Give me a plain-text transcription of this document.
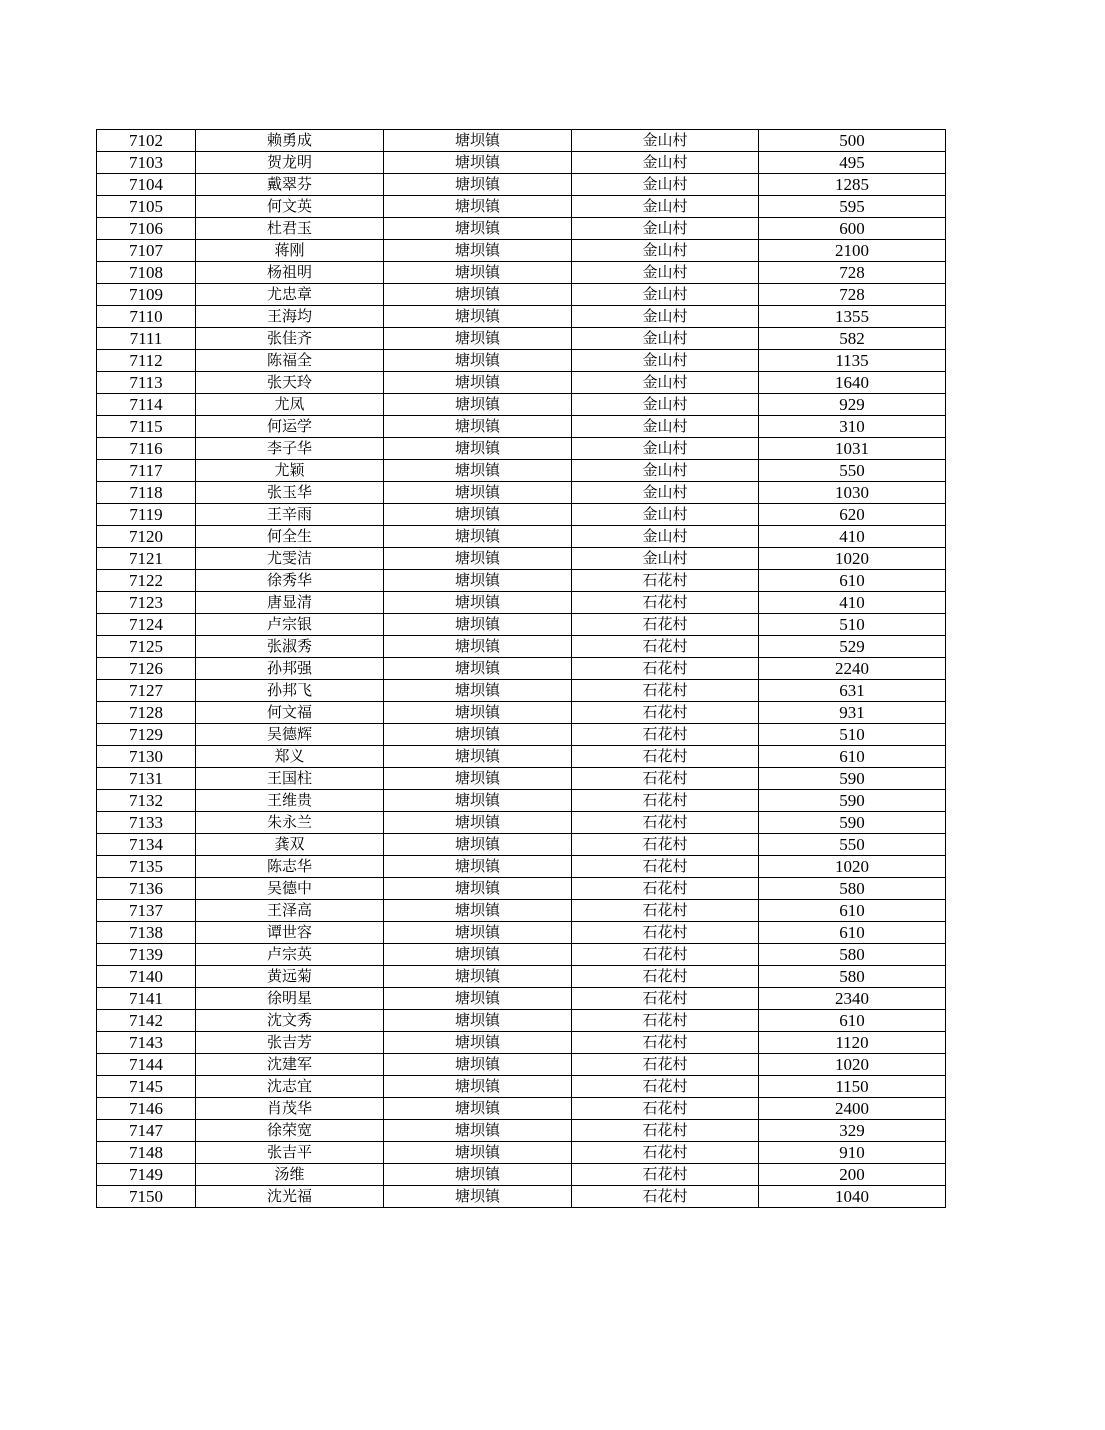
7102	赖勇成	塘坝镇	金山村	500
7103	贺龙明	塘坝镇	金山村	495
7104	戴翠芬	塘坝镇	金山村	1285
7105	何文英	塘坝镇	金山村	595
7106	杜君玉	塘坝镇	金山村	600
7107	蒋刚	塘坝镇	金山村	2100
7108	杨祖明	塘坝镇	金山村	728
7109	尤忠章	塘坝镇	金山村	728
7110	王海均	塘坝镇	金山村	1355
7111	张佳齐	塘坝镇	金山村	582
7112	陈福全	塘坝镇	金山村	1135
7113	张天玲	塘坝镇	金山村	1640
7114	尤凤	塘坝镇	金山村	929
7115	何运学	塘坝镇	金山村	310
7116	李子华	塘坝镇	金山村	1031
7117	尤颖	塘坝镇	金山村	550
7118	张玉华	塘坝镇	金山村	1030
7119	王辛雨	塘坝镇	金山村	620
7120	何全生	塘坝镇	金山村	410
7121	尤雯洁	塘坝镇	金山村	1020
7122	徐秀华	塘坝镇	石花村	610
7123	唐显清	塘坝镇	石花村	410
7124	卢宗银	塘坝镇	石花村	510
7125	张淑秀	塘坝镇	石花村	529
7126	孙邦强	塘坝镇	石花村	2240
7127	孙邦飞	塘坝镇	石花村	631
7128	何文福	塘坝镇	石花村	931
7129	吴德辉	塘坝镇	石花村	510
7130	郑义	塘坝镇	石花村	610
7131	王国柱	塘坝镇	石花村	590
7132	王维贵	塘坝镇	石花村	590
7133	朱永兰	塘坝镇	石花村	590
7134	龚双	塘坝镇	石花村	550
7135	陈志华	塘坝镇	石花村	1020
7136	吴德中	塘坝镇	石花村	580
7137	王泽高	塘坝镇	石花村	610
7138	谭世容	塘坝镇	石花村	610
7139	卢宗英	塘坝镇	石花村	580
7140	黄远菊	塘坝镇	石花村	580
7141	徐明星	塘坝镇	石花村	2340
7142	沈文秀	塘坝镇	石花村	610
7143	张吉芳	塘坝镇	石花村	1120
7144	沈建军	塘坝镇	石花村	1020
7145	沈志宜	塘坝镇	石花村	1150
7146	肖茂华	塘坝镇	石花村	2400
7147	徐荣宽	塘坝镇	石花村	329
7148	张吉平	塘坝镇	石花村	910
7149	汤维	塘坝镇	石花村	200
7150	沈光福	塘坝镇	石花村	1040
